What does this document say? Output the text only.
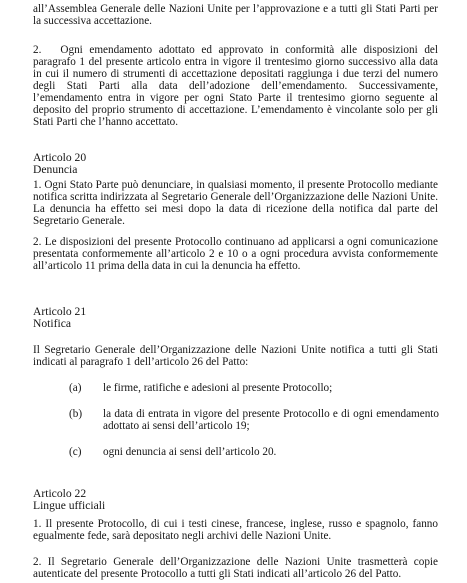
all’Assemblea Generale delle Nazioni Unite per l’approvazione e a tutti gli Stati Parti per la successiva accettazione.

2. Ogni emendamento adottato ed approvato in conformità alle disposizioni del paragrafo 1 del presente articolo entra in vigore il trentesimo giorno successivo alla data in cui il numero di strumenti di accettazione depositati raggiunga i due terzi del numero degli Stati Parti alla data dell’adozione dell’emendamento. Successivamente, l’emendamento entra in vigore per ogni Stato Parte il trentesimo giorno seguente al deposito del proprio strumento di accettazione. L’emendamento è vincolante solo per gli Stati Parti che l’hanno accettato.

Articolo 20

Denuncia

1. Ogni Stato Parte può denunciare, in qualsiasi momento, il presente Protocollo mediante notifica scritta indirizzata al Segretario Generale dell’Organizzazione delle Nazioni Unite. La denuncia ha effetto sei mesi dopo la data di ricezione della notifica dal parte del Segretario Generale.

2. Le disposizioni del presente Protocollo continuano ad applicarsi a ogni comunicazione presentata conformemente all’articolo 2 e 10 o a ogni procedura avvista conformemente all’articolo 11 prima della data in cui la denuncia ha effetto.

Articolo 21

Notifica

Il Segretario Generale dell’Organizzazione delle Nazioni Unite notifica a tutti gli Stati indicati al paragrafo 1 dell’articolo 26 del Patto:

(a) le firme, ratifiche e adesioni al presente Protocollo;
(b) la data di entrata in vigore del presente Protocollo e di ogni emendamento adottato ai sensi dell’articolo 19;
(c) ogni denuncia ai sensi dell’articolo 20.

Articolo 22

Lingue ufficiali

1. Il presente Protocollo, di cui i testi cinese, francese, inglese, russo e spagnolo, fanno egualmente fede, sarà depositato negli archivi delle Nazioni Unite.

2. Il Segretario Generale dell’Organizzazione delle Nazioni Unite trasmetterà copie autenticate del presente Protocollo a tutti gli Stati indicati all’articolo 26 del Patto.
